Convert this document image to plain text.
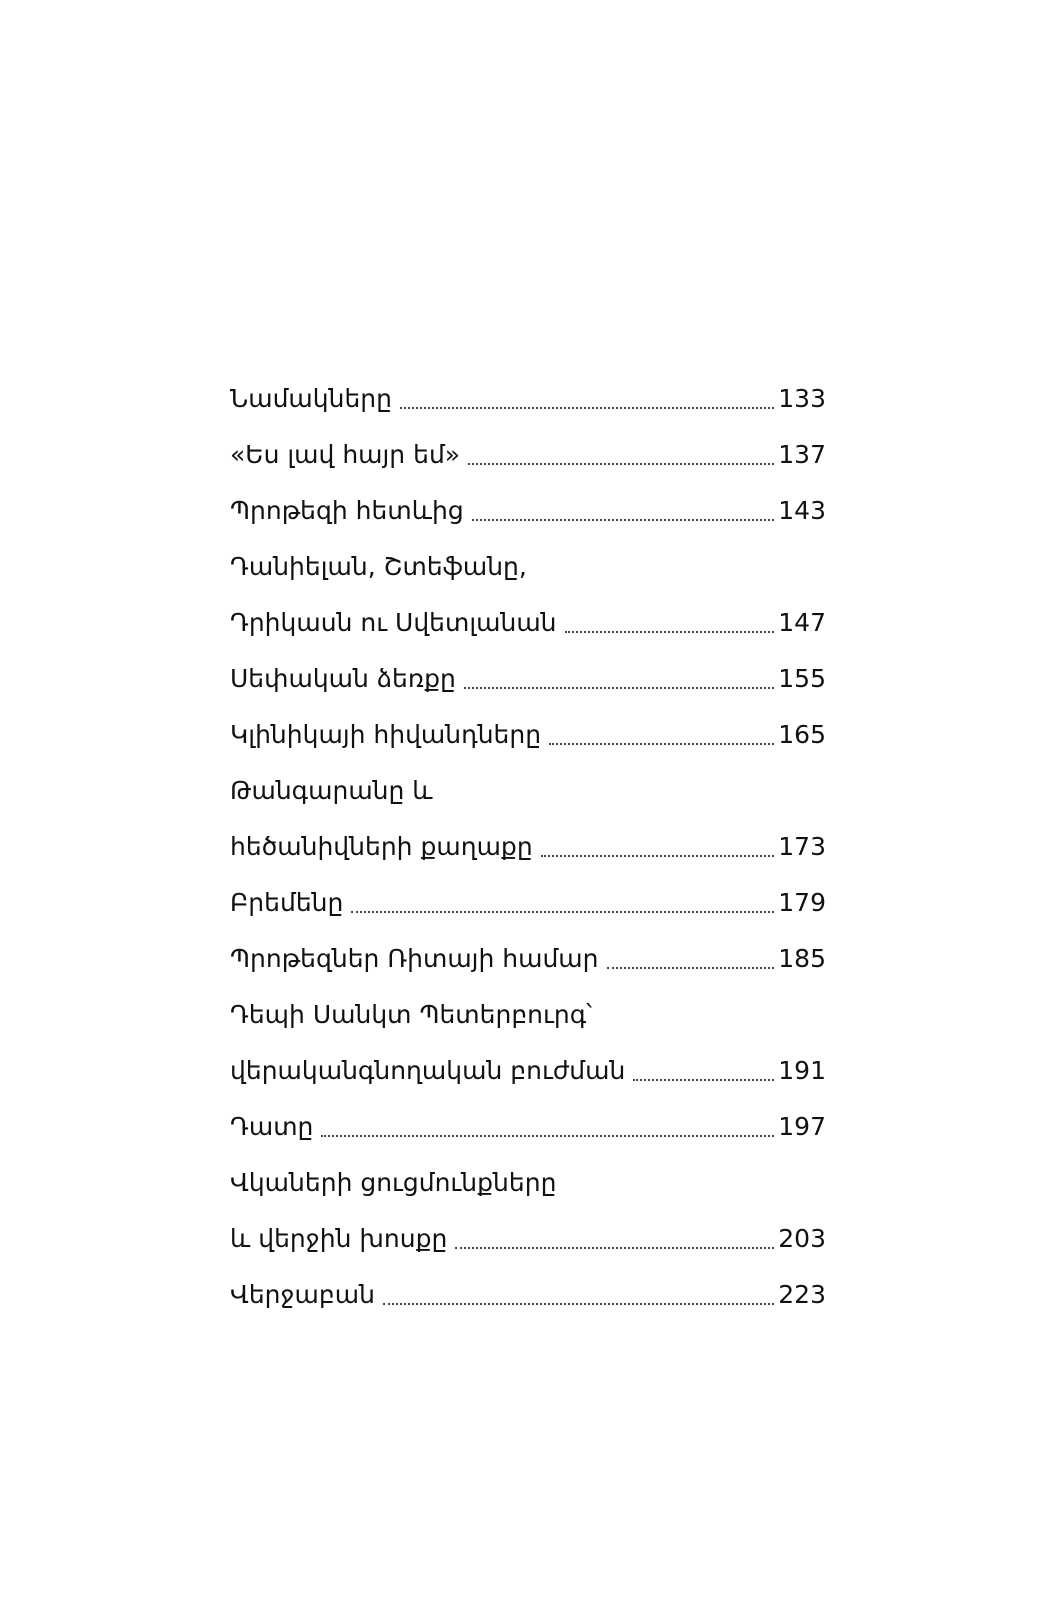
Նամակները	133
«Ես լավ հայր եմ»	137
Պրոթեզի հետևից	143
Դանիելան, Շտեֆանը,
Դրիկասն ու Սվետլանան	147
Սեփական ձեռքը	155
Կլինիկայի հիվանդները	165
Թանգարանը և
հեծանիվների քաղաքը	173
Բրեմենը	179
Պրոթեզներ Ռիտայի համար	185
Դեպի Սանկտ Պետերբուրգ՝
վերականգնողական բուժման	191
Դատը	197
Վկաների ցուցմունքները
և վերջին խոսքը	203
Վերջաբան	223
